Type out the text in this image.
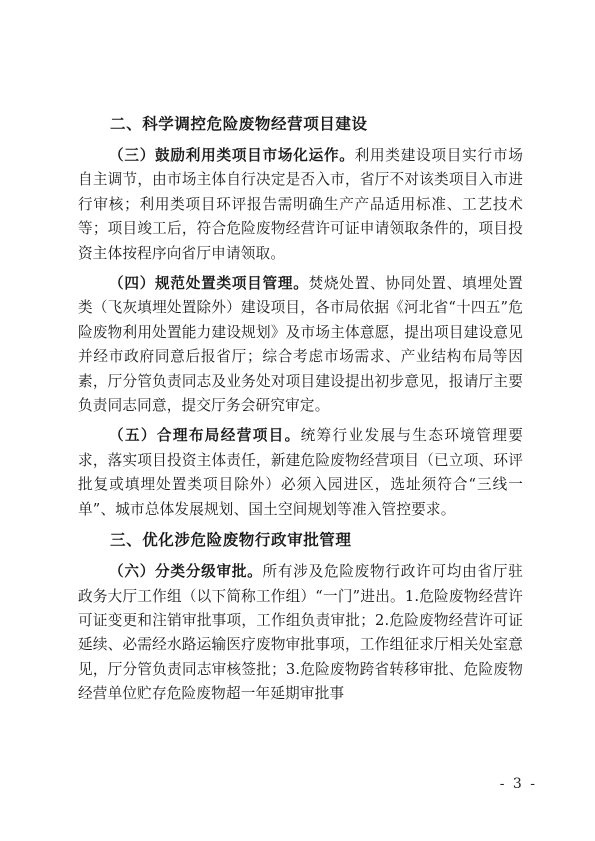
二、科学调控危险废物经营项目建设

（三）鼓励利用类项目市场化运作。利用类建设项目实行市场自主调节，由市场主体自行决定是否入市，省厅不对该类项目入市进行审核；利用类项目环评报告需明确生产产品适用标准、工艺技术等；项目竣工后，符合危险废物经营许可证申请领取条件的，项目投资主体按程序向省厅申请领取。

（四）规范处置类项目管理。焚烧处置、协同处置、填埋处置类（飞灰填埋处置除外）建设项目，各市局依据《河北省“十四五”危险废物利用处置能力建设规划》及市场主体意愿，提出项目建设意见并经市政府同意后报省厅；综合考虑市场需求、产业结构布局等因素，厅分管负责同志及业务处对项目建设提出初步意见，报请厅主要负责同志同意，提交厅务会研究审定。

（五）合理布局经营项目。统筹行业发展与生态环境管理要求，落实项目投资主体责任，新建危险废物经营项目（已立项、环评批复或填埋处置类项目除外）必须入园进区，选址须符合“三线一单”、城市总体发展规划、国土空间规划等准入管控要求。

三、优化涉危险废物行政审批管理

（六）分类分级审批。所有涉及危险废物行政许可均由省厅驻政务大厅工作组（以下简称工作组）“一门”进出。1.危险废物经营许可证变更和注销审批事项，工作组负责审批；2.危险废物经营许可证延续、必需经水路运输医疗废物审批事项，工作组征求厅相关处室意见，厅分管负责同志审核签批；3.危险废物跨省转移审批、危险废物经营单位贮存危险废物超一年延期审批事

- 3 -
